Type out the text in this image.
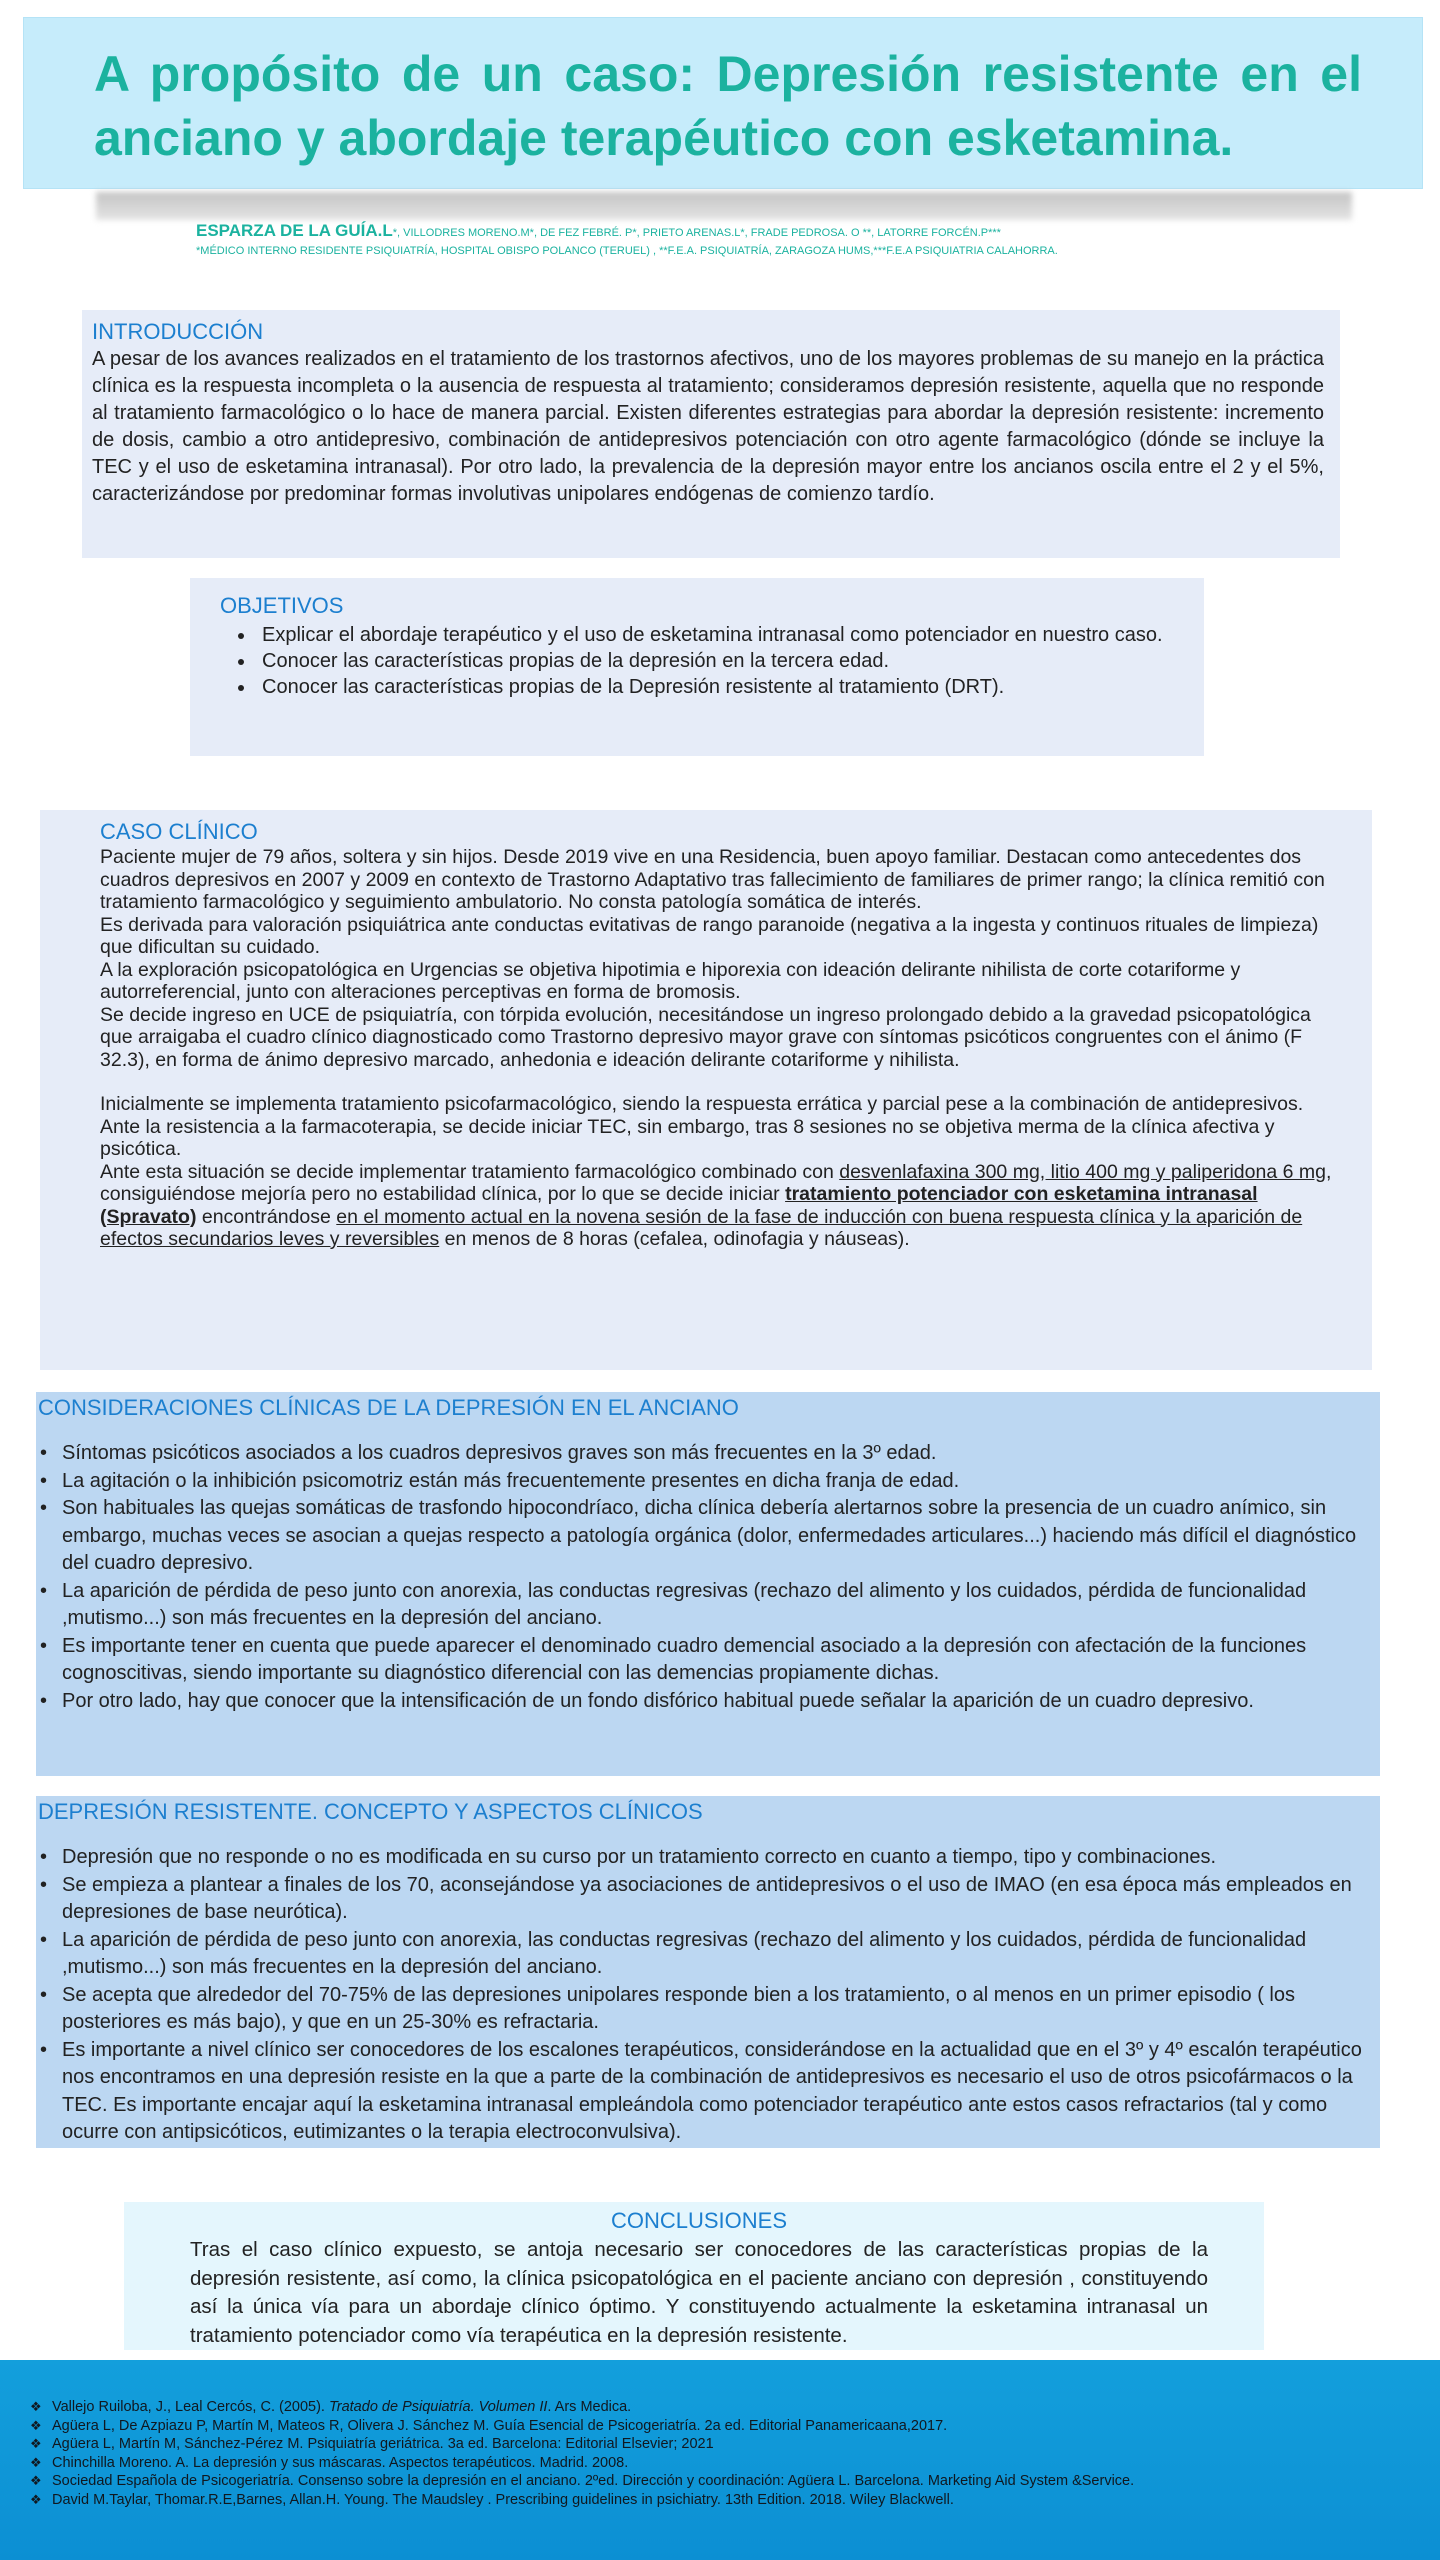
A propósito de un caso: Depresión resistente en el anciano y abordaje terapéutico con esketamina.
ESPARZA DE LA GUÍA.L*, VILLODRES MORENO.M*, DE FEZ FEBRÉ. P*, PRIETO ARENAS.L*, FRADE PEDROSA. O **, LATORRE FORCÉN.P***
*MÉDICO INTERNO RESIDENTE PSIQUIATRÍA, HOSPITAL OBISPO POLANCO (TERUEL) , **F.E.A. PSIQUIATRÍA, ZARAGOZA HUMS,***F.E.A PSIQUIATRIA CALAHORRA.
INTRODUCCIÓN

A pesar de los avances realizados en el tratamiento de los trastornos afectivos, uno de los mayores problemas de su manejo en la práctica clínica es la respuesta incompleta o la ausencia de respuesta al tratamiento; consideramos depresión resistente, aquella que no responde al tratamiento farmacológico o lo hace de manera parcial. Existen diferentes estrategias para abordar la depresión resistente: incremento de dosis, cambio a otro antidepresivo, combinación de antidepresivos potenciación con otro agente farmacológico (dónde se incluye la TEC y el uso de esketamina intranasal). Por otro lado, la prevalencia de la depresión mayor entre los ancianos oscila entre el 2 y el 5%, caracterizándose por predominar formas involutivas unipolares endógenas de comienzo tardío.

OBJETIVOS
• Explicar el abordaje terapéutico y el uso de esketamina intranasal como potenciador en nuestro caso.
• Conocer las características propias de la depresión en la tercera edad.
• Conocer las características propias de la Depresión resistente al tratamiento (DRT).
CASO CLÍNICO

Paciente mujer de 79 años, soltera y sin hijos. Desde 2019 vive en una Residencia, buen apoyo familiar. Destacan como antecedentes dos cuadros depresivos en 2007 y 2009 en contexto de Trastorno Adaptativo tras fallecimiento de familiares de primer rango; la clínica remitió con tratamiento farmacológico y seguimiento ambulatorio. No consta patología somática de interés.

Es derivada para valoración psiquiátrica ante conductas evitativas de rango paranoide (negativa a la ingesta y continuos rituales de limpieza) que dificultan su cuidado.

A la exploración psicopatológica en Urgencias se objetiva hipotimia e hiporexia con ideación delirante nihilista de corte cotariforme y autorreferencial, junto con alteraciones perceptivas en forma de bromosis.

Se decide ingreso en UCE de psiquiatría, con tórpida evolución, necesitándose un ingreso prolongado debido a la gravedad psicopatológica que arraigaba el cuadro clínico diagnosticado como Trastorno depresivo mayor grave con síntomas psicóticos congruentes con el ánimo (F 32.3), en forma de ánimo depresivo marcado, anhedonia e ideación delirante cotariforme y nihilista.

Inicialmente se implementa tratamiento psicofarmacológico, siendo la respuesta errática y parcial pese a la combinación de antidepresivos. Ante la resistencia a la farmacoterapia, se decide iniciar TEC, sin embargo, tras 8 sesiones no se objetiva merma de la clínica afectiva y psicótica.

Ante esta situación se decide implementar tratamiento farmacológico combinado con desvenlafaxina 300 mg, litio 400 mg y paliperidona 6 mg, consiguiéndose mejoría pero no estabilidad clínica, por lo que se decide iniciar tratamiento potenciador con esketamina intranasal (Spravato) encontrándose en el momento actual en la novena sesión de la fase de inducción con buena respuesta clínica y la aparición de efectos secundarios leves y reversibles en menos de 8 horas (cefalea, odinofagia y náuseas).

CONSIDERACIONES CLÍNICAS DE LA DEPRESIÓN EN EL ANCIANO
• Síntomas psicóticos asociados a los cuadros depresivos graves son más frecuentes en la 3º edad.
• La agitación o la inhibición psicomotriz están más frecuentemente presentes en dicha franja de edad.
• Son habituales las quejas somáticas de trasfondo hipocondríaco, dicha clínica debería alertarnos sobre la presencia de un cuadro anímico, sin embargo, muchas veces se asocian a quejas respecto a patología orgánica (dolor, enfermedades articulares...) haciendo más difícil el diagnóstico del cuadro depresivo.
• La aparición de pérdida de peso junto con anorexia, las conductas regresivas (rechazo del alimento y los cuidados, pérdida de funcionalidad ,mutismo...) son más frecuentes en la depresión del anciano.
• Es importante tener en cuenta que puede aparecer el denominado cuadro demencial asociado a la depresión con afectación de la funciones cognoscitivas, siendo importante su diagnóstico diferencial con las demencias propiamente dichas.
• Por otro lado, hay que conocer que la intensificación de un fondo disfórico habitual puede señalar la aparición de un cuadro depresivo.
DEPRESIÓN RESISTENTE. CONCEPTO Y ASPECTOS CLÍNICOS
• Depresión que no responde o no es modificada en su curso por un tratamiento correcto en cuanto a tiempo, tipo y combinaciones.
• Se empieza a plantear a finales de los 70, aconsejándose ya asociaciones de antidepresivos o el uso de IMAO (en esa época más empleados en depresiones de base neurótica).
• La aparición de pérdida de peso junto con anorexia, las conductas regresivas (rechazo del alimento y los cuidados, pérdida de funcionalidad ,mutismo...) son más frecuentes en la depresión del anciano.
• Se acepta que alrededor del 70-75% de las depresiones unipolares responde bien a los tratamiento, o al menos en un primer episodio ( los posteriores es más bajo), y que en un 25-30% es refractaria.
• Es importante a nivel clínico ser conocedores de los escalones terapéuticos, considerándose en la actualidad que en el 3º y 4º escalón terapéutico nos encontramos en una depresión resiste en la que a parte de la combinación de antidepresivos es necesario el uso de otros psicofármacos o la TEC. Es importante encajar aquí la esketamina intranasal empleándola como potenciador terapéutico ante estos casos refractarios (tal y como ocurre con antipsicóticos, eutimizantes o la terapia electroconvulsiva).
CONCLUSIONES

Tras el caso clínico expuesto, se antoja necesario ser conocedores de las características propias de la depresión resistente, así como, la clínica psicopatológica en el paciente anciano con depresión , constituyendo así la única vía para un abordaje clínico óptimo. Y constituyendo actualmente la esketamina intranasal un tratamiento potenciador como vía terapéutica en la depresión resistente.

❖ Vallejo Ruiloba, J., Leal Cercós, C. (2005). Tratado de Psiquiatría. Volumen II. Ars Medica.
❖ Agüera L, De Azpiazu P, Martín M, Mateos R, Olivera J. Sánchez M. Guía Esencial de Psicogeriatría. 2a ed. Editorial Panamericaana,2017.
❖ Agüera L, Martín M, Sánchez-Pérez M. Psiquiatría geriátrica. 3a ed. Barcelona: Editorial Elsevier; 2021
❖ Chinchilla Moreno. A. La depresión y sus máscaras. Aspectos terapéuticos. Madrid. 2008.
❖ Sociedad Española de Psicogeriatría. Consenso sobre la depresión en el anciano. 2ºed. Dirección y coordinación: Agüera L. Barcelona. Marketing Aid System &Service.
❖ David M.Taylar, Thomar.R.E,Barnes, Allan.H. Young. The Maudsley . Prescribing guidelines in psichiatry. 13th Edition. 2018. Wiley Blackwell.
